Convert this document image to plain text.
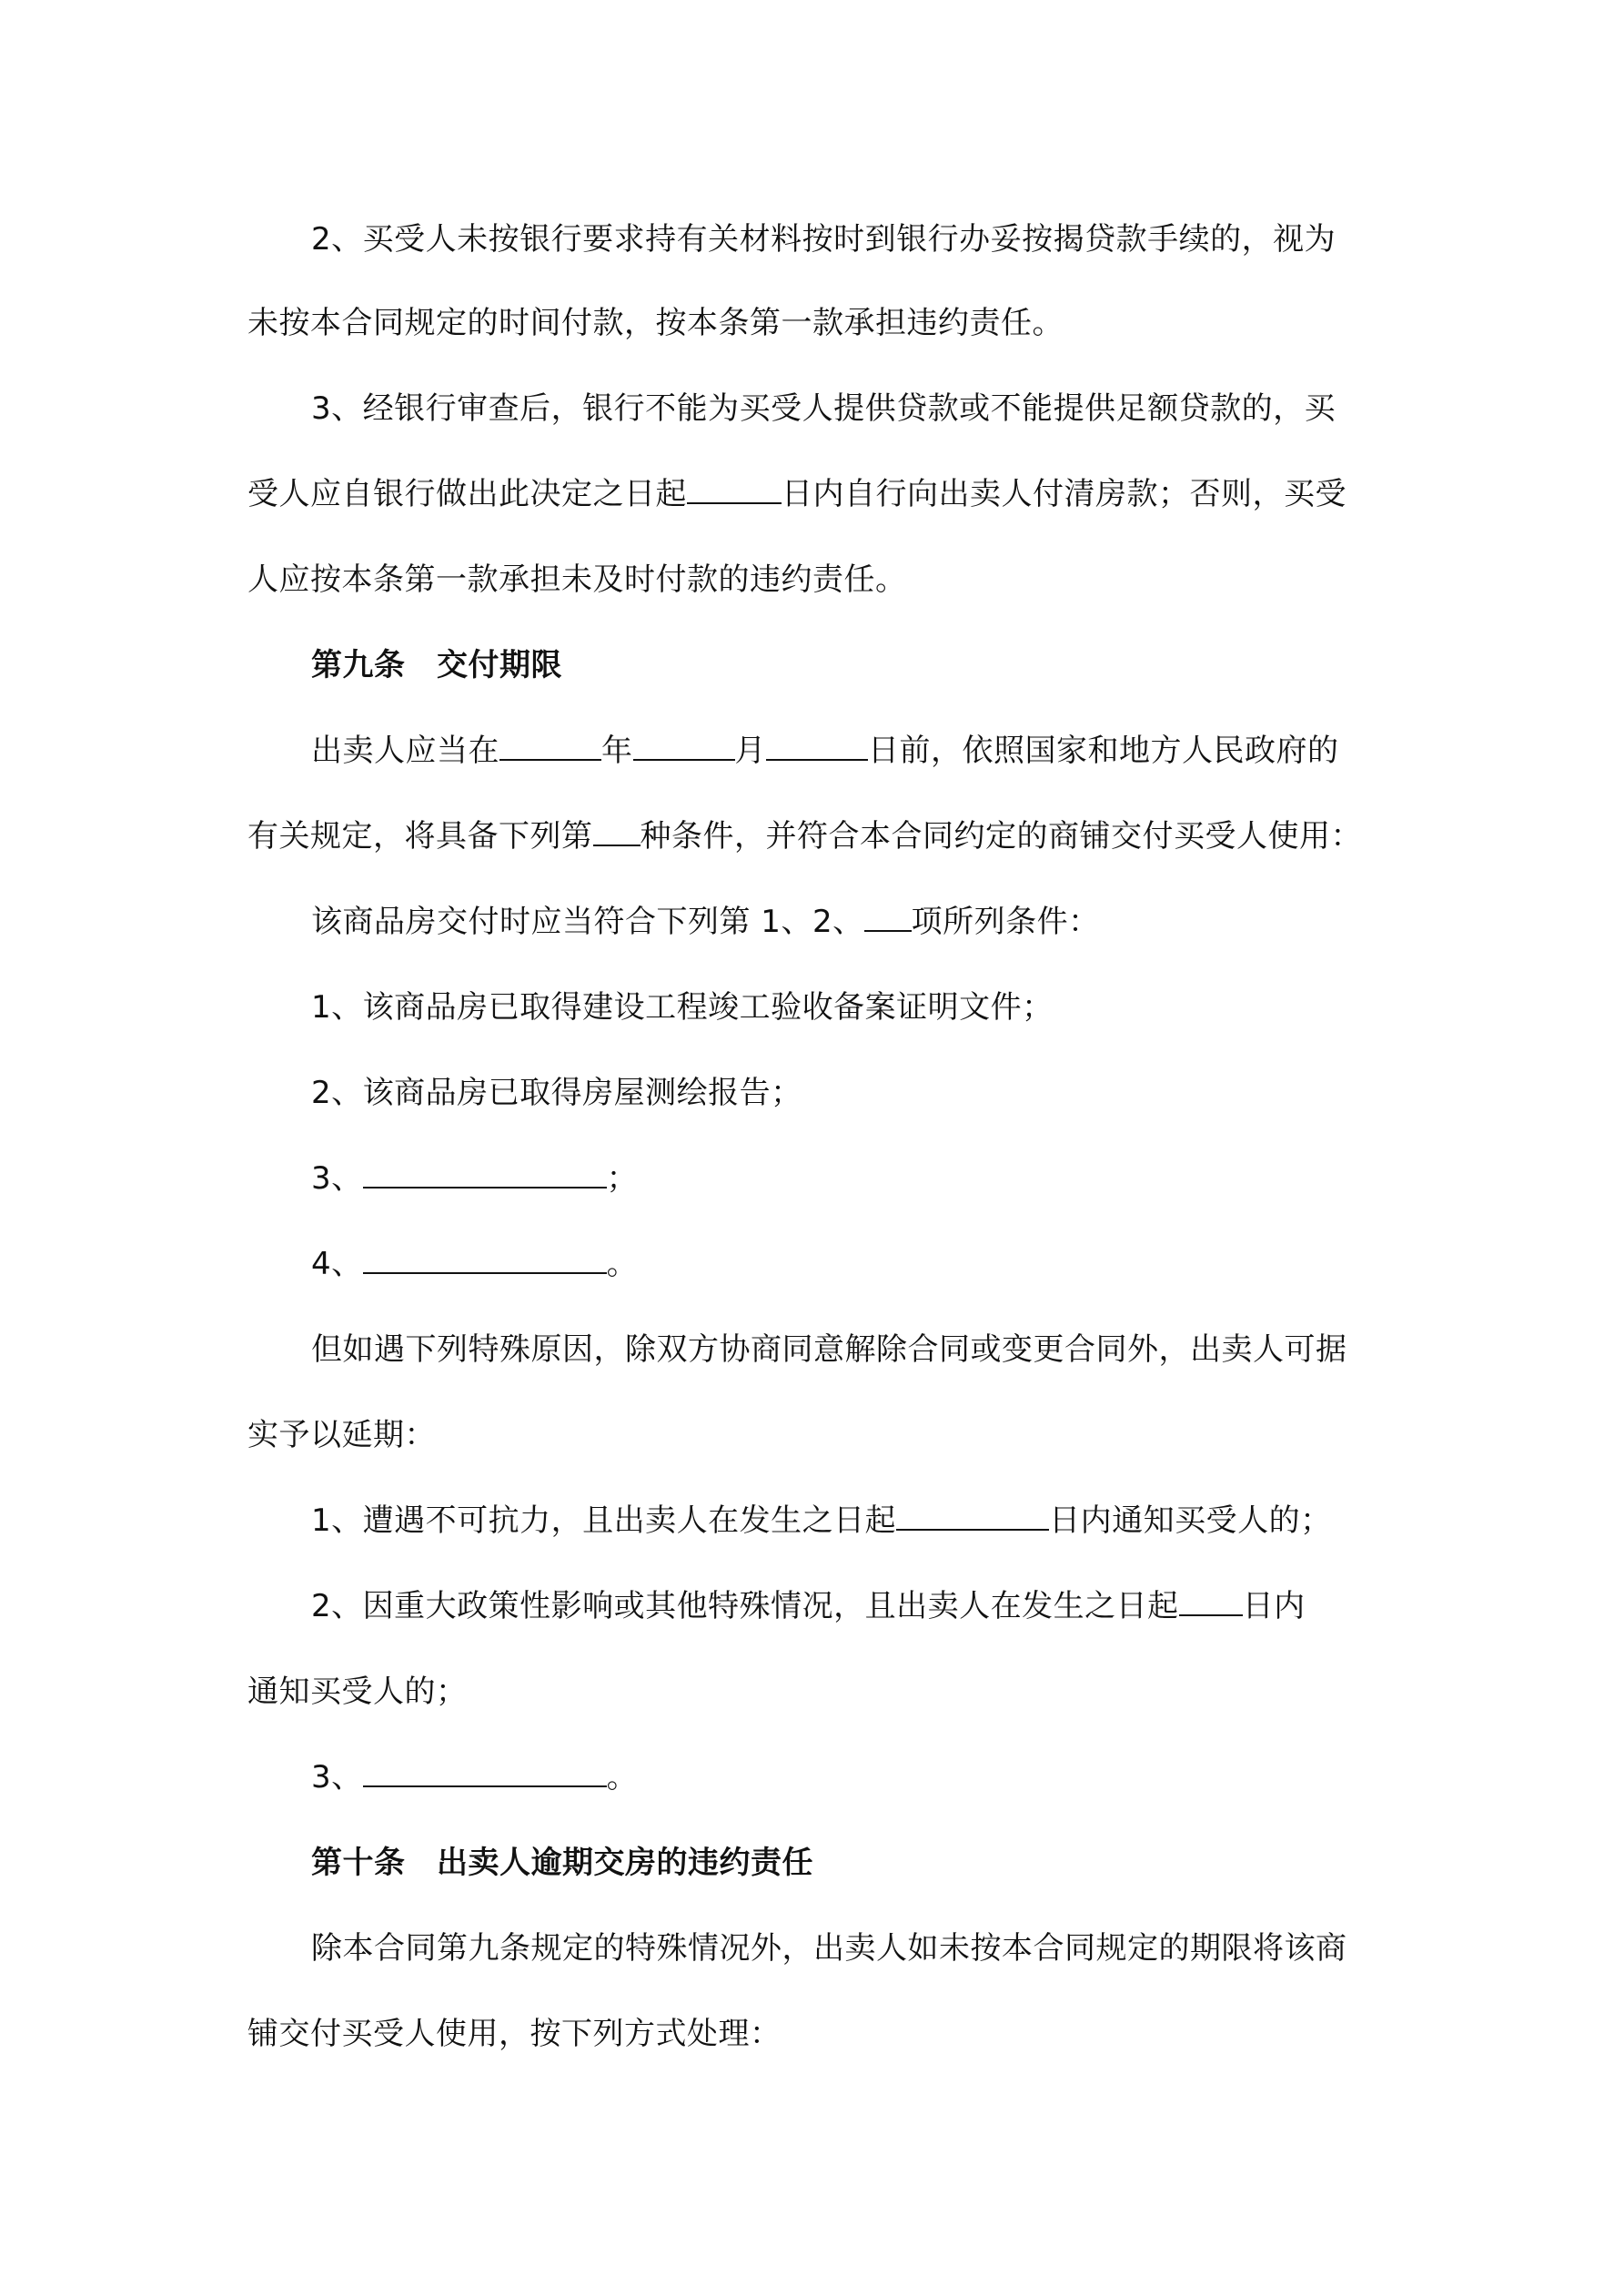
2、买受人未按银行要求持有关材料按时到银行办妥按揭贷款手续的，视为
未按本合同规定的时间付款，按本条第一款承担违约责任。
3、经银行审查后，银行不能为买受人提供贷款或不能提供足额贷款的，买
受人应自银行做出此决定之日起	日内自行向出卖人付清房款；否则，买受
人应按本条第一款承担未及时付款的违约责任。
第九条　交付期限
出卖人应当在	年	月	日前，依照国家和地方人民政府的
有关规定，将具备下列第 种条件，并符合本合同约定的商铺交付买受人使用：
该商品房交付时应当符合下列第 1、2、 项所列条件：
1、该商品房已取得建设工程竣工验收备案证明文件；
2、该商品房已取得房屋测绘报告；
3、	；
4、	。
但如遇下列特殊原因，除双方协商同意解除合同或变更合同外，出卖人可据
实予以延期：
1、遭遇不可抗力，且出卖人在发生之日起	日内通知买受人的；
2、因重大政策性影响或其他特殊情况，且出卖人在发生之日起 日内
通知买受人的；
3、	。
第十条　出卖人逾期交房的违约责任
除本合同第九条规定的特殊情况外，出卖人如未按本合同规定的期限将该商
铺交付买受人使用，按下列方式处理：
